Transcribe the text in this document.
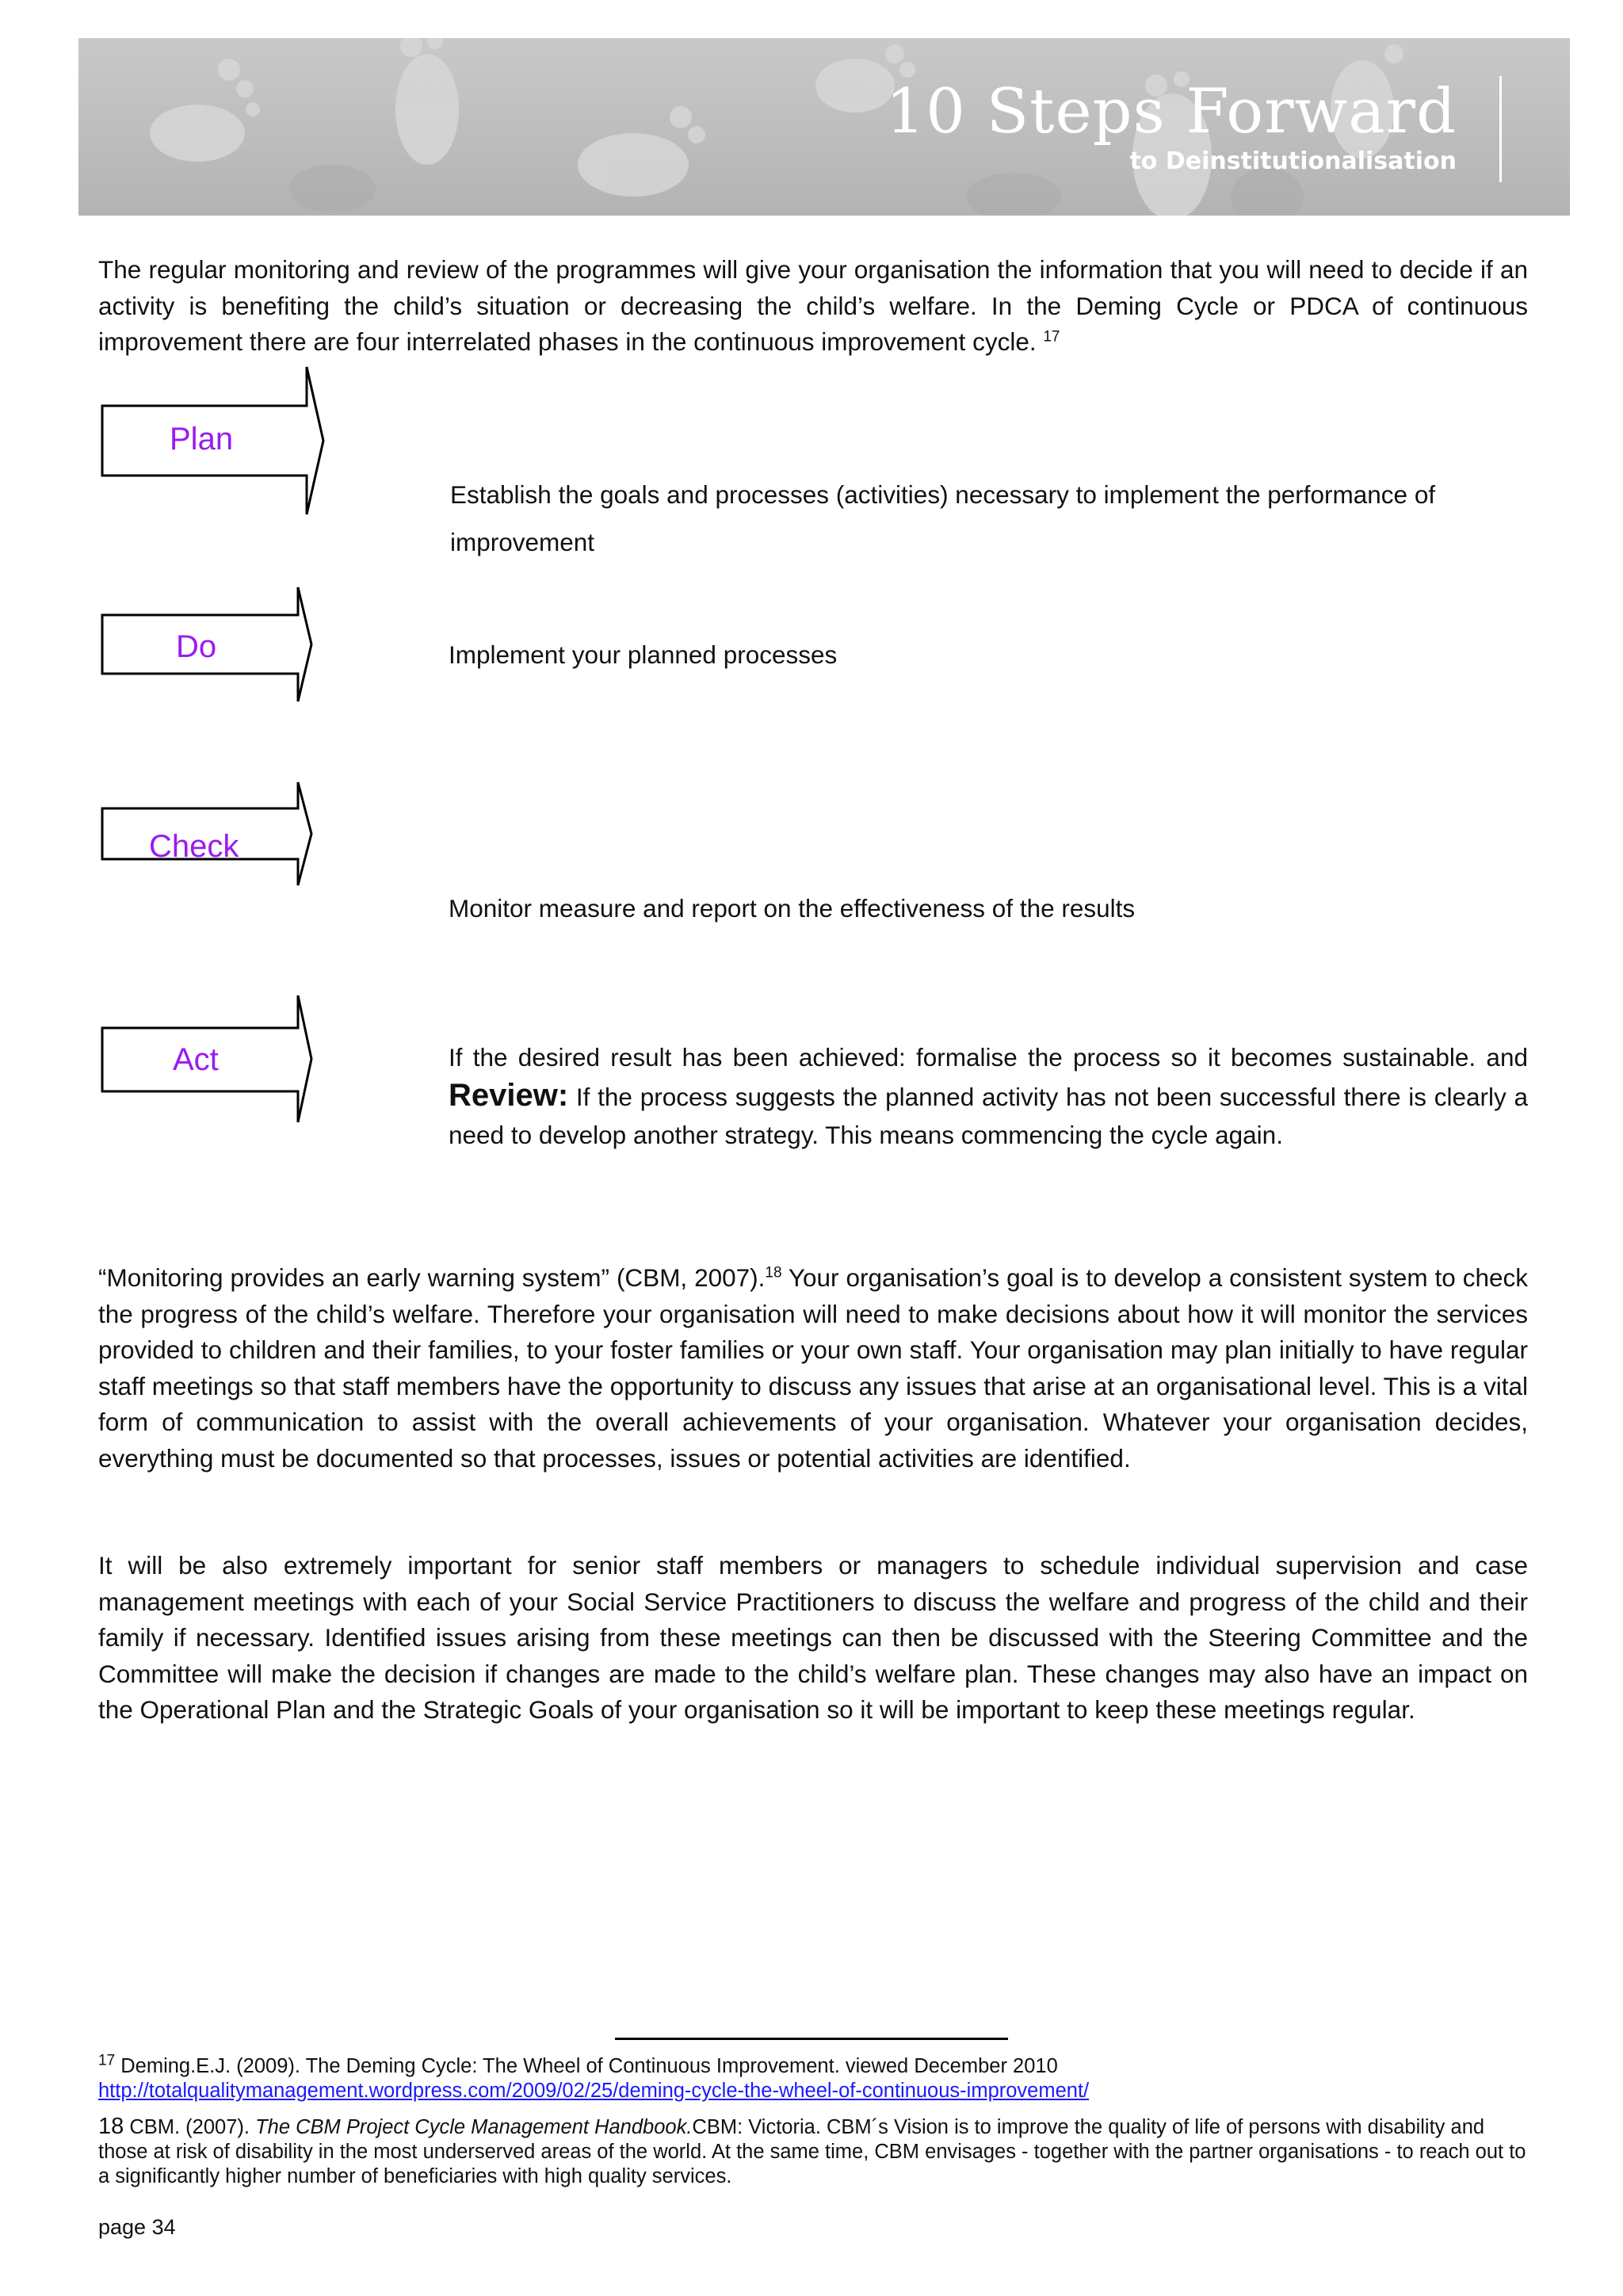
10 Steps Forward
to Deinstitutionalisation

The regular monitoring and review of the programmes will give your organisation the information that you will need to decide if an activity is benefiting the child’s situation or decreasing the child’s welfare. In the Deming Cycle or PDCA of continuous improvement there are four interrelated phases in the continuous improvement cycle. $^{17}$

Plan

Establish the goals and processes (activities) necessary to implement the performance of improvement

Do	Implement your planned processes

Check

Monitor measure and report on the effectiveness of the results

Act	If the desired result has been achieved: formalise the process so it becomes sustainable. and Review: If the process suggests the planned activity has not been successful there is clearly a need to develop another strategy. This means commencing the cycle again.

“Monitoring provides an early warning system” (CBM, 2007).$^{18}$ Your organisation’s goal is to develop a consistent system to check the progress of the child’s welfare. Therefore your organisation will need to make decisions about how it will monitor the services provided to children and their families, to your foster families or your own staff. Your organisation may plan initially to have regular staff meetings so that staff members have the opportunity to discuss any issues that arise at an organisational level. This is a vital form of communication to assist with the overall achievements of your organisation. Whatever your organisation decides, everything must be documented so that processes, issues or potential activities are identified.

It will be also extremely important for senior staff members or managers to schedule individual supervision and case management meetings with each of your Social Service Practitioners to discuss the welfare and progress of the child and their family if necessary. Identified issues arising from these meetings can then be discussed with the Steering Committee and the Committee will make the decision if changes are made to the child’s welfare plan. These changes may also have an impact on the Operational Plan and the Strategic Goals of your organisation so it will be important to keep these meetings regular.

$^{17}$ Deming.E.J. (2009). The Deming Cycle: The Wheel of Continuous Improvement. viewed December 2010
http://totalqualitymanagement.wordpress.com/2009/02/25/deming-cycle-the-wheel-of-continuous-improvement/

18 CBM. (2007). The CBM Project Cycle Management Handbook.CBM: Victoria. CBM´s Vision is to improve the quality of life of persons with disability and those at risk of disability in the most underserved areas of the world. At the same time, CBM envisages - together with the partner organisations - to reach out to a significantly higher number of beneficiaries with high quality services.

page 34
